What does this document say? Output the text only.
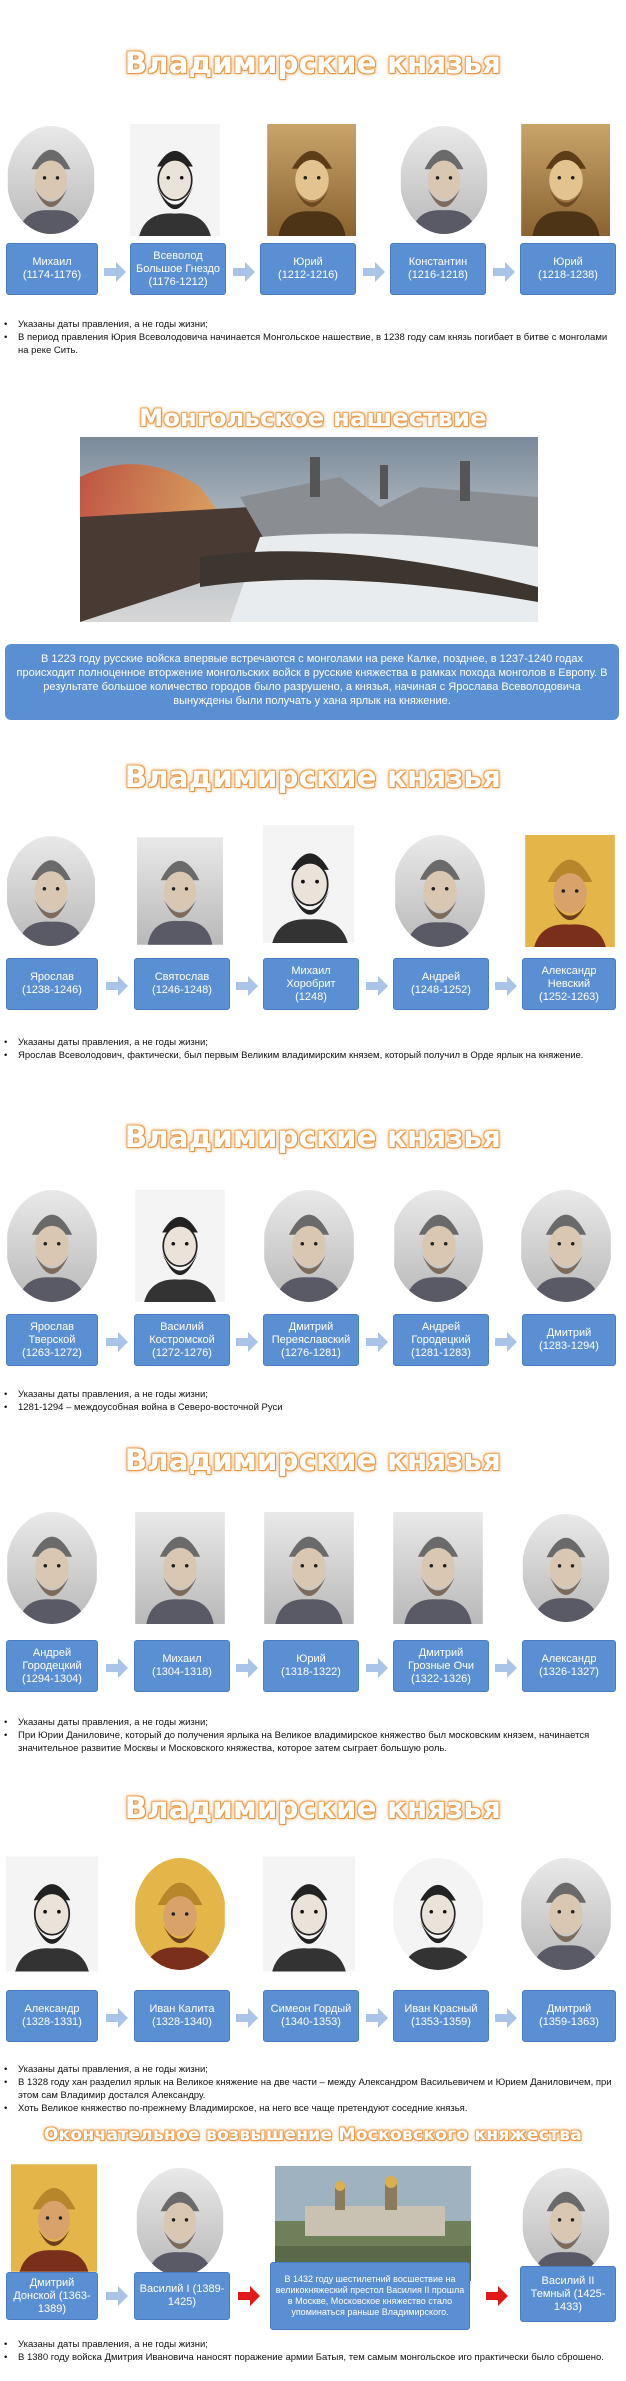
Владимирские князья
Михаил
(1174-1176)
Всеволод Большое Гнездо
(1176-1212)
Юрий
(1212-1216)
Константин
(1216-1218)
Юрий
(1218-1238)
•	Указаны даты правления, а не годы жизни;
•	В период правления Юрия Всеволодовича начинается Монгольское нашествие, в 1238 году сам князь погибает в битве с монголами на реке Сить.
Монгольское нашествие
В 1223 году русские войска впервые встречаются с монголами на реке Калке, позднее, в 1237-1240 годах происходит полноценное вторжение монгольских войск в русские княжества в рамках похода монголов в Европу. В результате большое количество городов было разрушено, а князья, начиная с Ярослава Всеволодовича вынуждены были получать у хана ярлык на княжение.
Владимирские князья
Ярослав
(1238-1246)
Святослав
(1246-1248)
Михаил Хоробрит
(1248)
Андрей
(1248-1252)
Александр Невский
(1252-1263)
•	Указаны даты правления, а не годы жизни;
•	Ярослав Всеволодович, фактически, был первым Великим владимирским князем, который получил в Орде ярлык на княжение.
Владимирские князья
Ярослав Тверской
(1263-1272)
Василий Костромской
(1272-1276)
Дмитрий Переяславский
(1276-1281)
Андрей Городецкий
(1281-1283)
Дмитрий
(1283-1294)
•	Указаны даты правления, а не годы жизни;
•	1281-1294 – междоусобная война в Северо-восточной Руси
Владимирские князья
Андрей Городецкий
(1294-1304)
Михаил
(1304-1318)
Юрий
(1318-1322)
Дмитрий Грозные Очи
(1322-1326)
Александр
(1326-1327)
•	Указаны даты правления, а не годы жизни;
•	При Юрии Даниловиче, который до получения ярлыка на Великое владимирское княжество был московским князем, начинается значительное развитие Москвы и Московского княжества, которое затем сыграет большую роль.
Владимирские князья
Александр
(1328-1331)
Иван Калита
(1328-1340)
Симеон Гордый
(1340-1353)
Иван Красный
(1353-1359)
Дмитрий
(1359-1363)
•	Указаны даты правления, а не годы жизни;
•	В 1328 году хан разделил ярлык на Великое княжение на две части – между Александром Васильевичем и Юрием Даниловичем, при этом сам Владимир достался Александру.
•	Хоть Великое княжество по-прежнему Владимирское, на него все чаще претендуют соседние князья.
Окончательное возвышение Московского княжества
Дмитрий Донской (1363-1389)
Василий I (1389-1425)
В 1432 году шестилетний восшествие на великокняжеский престол Василия II прошла в Москве, Московское княжество стало упоминаться раньше Владимирского.
Василий II Темный (1425-1433)
•	Указаны даты правления, а не годы жизни;
•	В 1380 году войска Дмитрия Ивановича наносят поражение армии Батыя, тем самым монгольское иго практически было сброшено.
